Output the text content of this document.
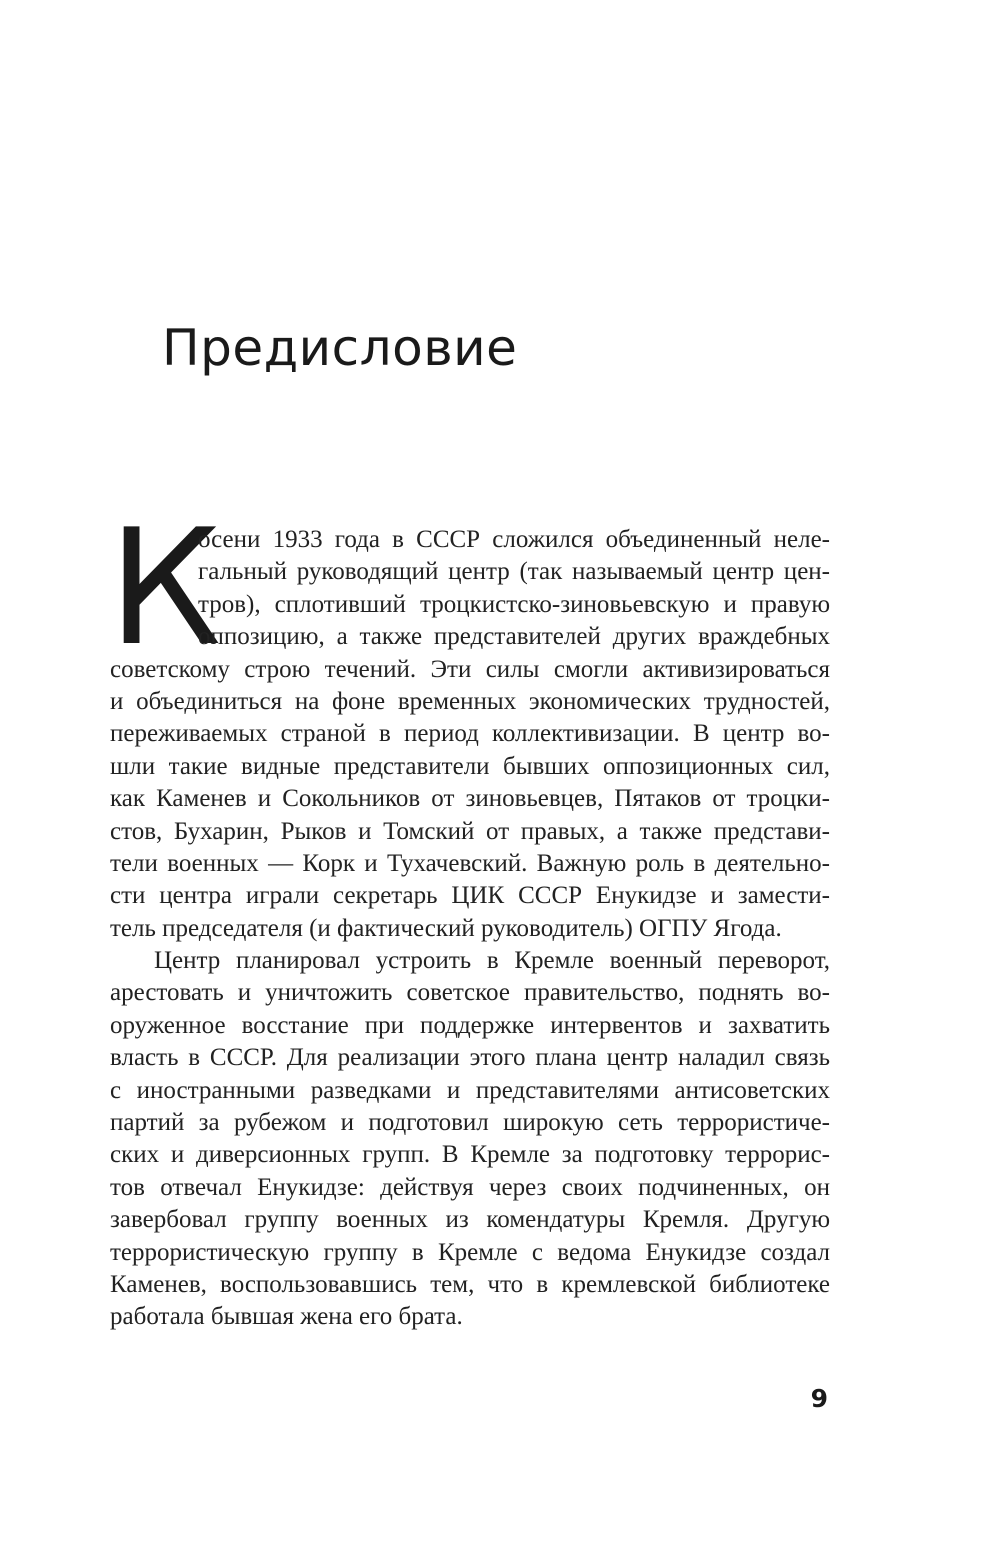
Предисловие
К
осени 1933 года в СССР сложился объединенный неле-
гальный руководящий центр (так называемый центр цен-
тров), сплотивший троцкистско-зиновьевскую и правую
оппозицию, а также представителей других враждебных
советскому строю течений. Эти силы смогли активизироваться
и объединиться на фоне временных экономических трудностей,
переживаемых страной в период коллективизации. В центр во-
шли такие видные представители бывших оппозиционных сил,
как Каменев и Сокольников от зиновьевцев, Пятаков от троцки-
стов, Бухарин, Рыков и Томский от правых, а также представи-
тели военных — Корк и Тухачевский. Важную роль в деятельно-
сти центра играли секретарь ЦИК СССР Енукидзе и замести-
тель председателя (и фактический руководитель) ОГПУ Ягода.
Центр планировал устроить в Кремле военный переворот,
арестовать и уничтожить советское правительство, поднять во-
оруженное восстание при поддержке интервентов и захватить
власть в СССР. Для реализации этого плана центр наладил связь
с иностранными разведками и представителями антисоветских
партий за рубежом и подготовил широкую сеть террористиче-
ских и диверсионных групп. В Кремле за подготовку террорис-
тов отвечал Енукидзе: действуя через своих подчиненных, он
завербовал группу военных из комендатуры Кремля. Другую
террористическую группу в Кремле с ведома Енукидзе создал
Каменев, воспользовавшись тем, что в кремлевской библиотеке
работала бывшая жена его брата.
9
